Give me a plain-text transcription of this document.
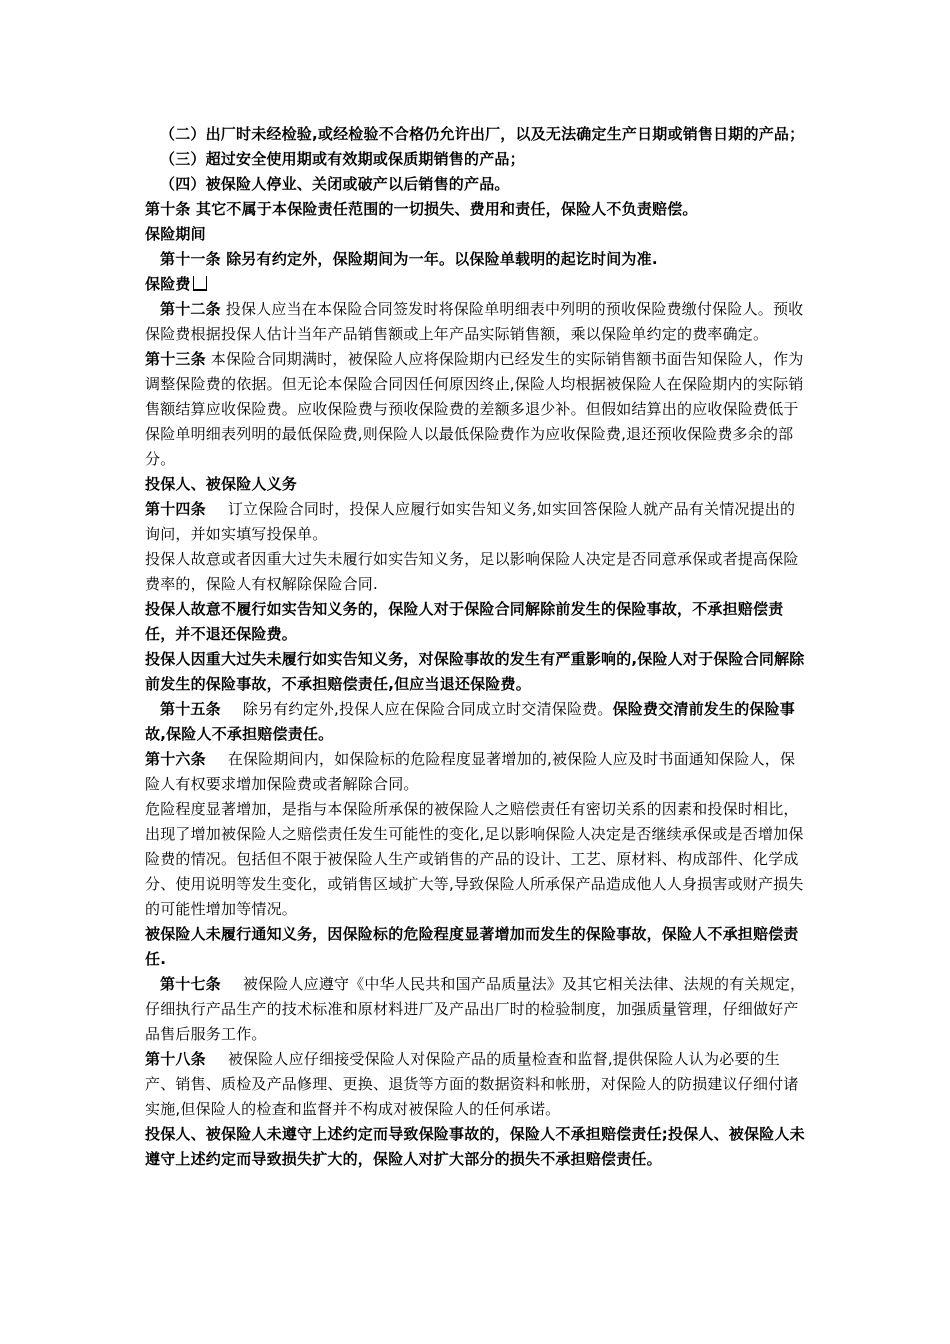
（二）出厂时未经检验,或经检验不合格仍允许出厂，以及无法确定生产日期或销售日期的产品；

（三）超过安全使用期或有效期或保质期销售的产品；

（四）被保险人停业、关闭或破产以后销售的产品。

第十条 其它不属于本保险责任范围的一切损失、费用和责任，保险人不负责赔偿。

保险期间

第十一条 除另有约定外，保险期间为一年。以保险单载明的起讫时间为准.

保险费

第十二条 投保人应当在本保险合同签发时将保险单明细表中列明的预收保险费缴付保险人。预收保险费根据投保人估计当年产品销售额或上年产品实际销售额，乘以保险单约定的费率确定。

第十三条 本保险合同期满时，被保险人应将保险期内已经发生的实际销售额书面告知保险人，作为调整保险费的依据。但无论本保险合同因任何原因终止,保险人均根据被保险人在保险期内的实际销售额结算应收保险费。应收保险费与预收保险费的差额多退少补。但假如结算出的应收保险费低于保险单明细表列明的最低保险费,则保险人以最低保险费作为应收保险费,退还预收保险费多余的部分。

投保人、被保险人义务

第十四条 订立保险合同时，投保人应履行如实告知义务,如实回答保险人就产品有关情况提出的询问，并如实填写投保单。

投保人故意或者因重大过失未履行如实告知义务，足以影响保险人决定是否同意承保或者提高保险费率的，保险人有权解除保险合同.

投保人故意不履行如实告知义务的，保险人对于保险合同解除前发生的保险事故，不承担赔偿责任，并不退还保险费。

投保人因重大过失未履行如实告知义务，对保险事故的发生有严重影响的,保险人对于保险合同解除前发生的保险事故，不承担赔偿责任,但应当退还保险费。

第十五条 除另有约定外,投保人应在保险合同成立时交清保险费。保险费交清前发生的保险事故,保险人不承担赔偿责任。

第十六条 在保险期间内，如保险标的危险程度显著增加的,被保险人应及时书面通知保险人，保险人有权要求增加保险费或者解除合同。

危险程度显著增加，是指与本保险所承保的被保险人之赔偿责任有密切关系的因素和投保时相比，出现了增加被保险人之赔偿责任发生可能性的变化,足以影响保险人决定是否继续承保或是否增加保险费的情况。包括但不限于被保险人生产或销售的产品的设计、工艺、原材料、构成部件、化学成分、使用说明等发生变化，或销售区域扩大等,导致保险人所承保产品造成他人人身损害或财产损失的可能性增加等情况。

被保险人未履行通知义务，因保险标的危险程度显著增加而发生的保险事故，保险人不承担赔偿责任.

第十七条 被保险人应遵守《中华人民共和国产品质量法》及其它相关法律、法规的有关规定，仔细执行产品生产的技术标准和原材料进厂及产品出厂时的检验制度，加强质量管理，仔细做好产品售后服务工作。

第十八条 被保险人应仔细接受保险人对保险产品的质量检查和监督,提供保险人认为必要的生产、销售、质检及产品修理、更换、退货等方面的数据资料和帐册，对保险人的防损建议仔细付诸实施,但保险人的检查和监督并不构成对被保险人的任何承诺。

投保人、被保险人未遵守上述约定而导致保险事故的，保险人不承担赔偿责任;投保人、被保险人未遵守上述约定而导致损失扩大的，保险人对扩大部分的损失不承担赔偿责任。
